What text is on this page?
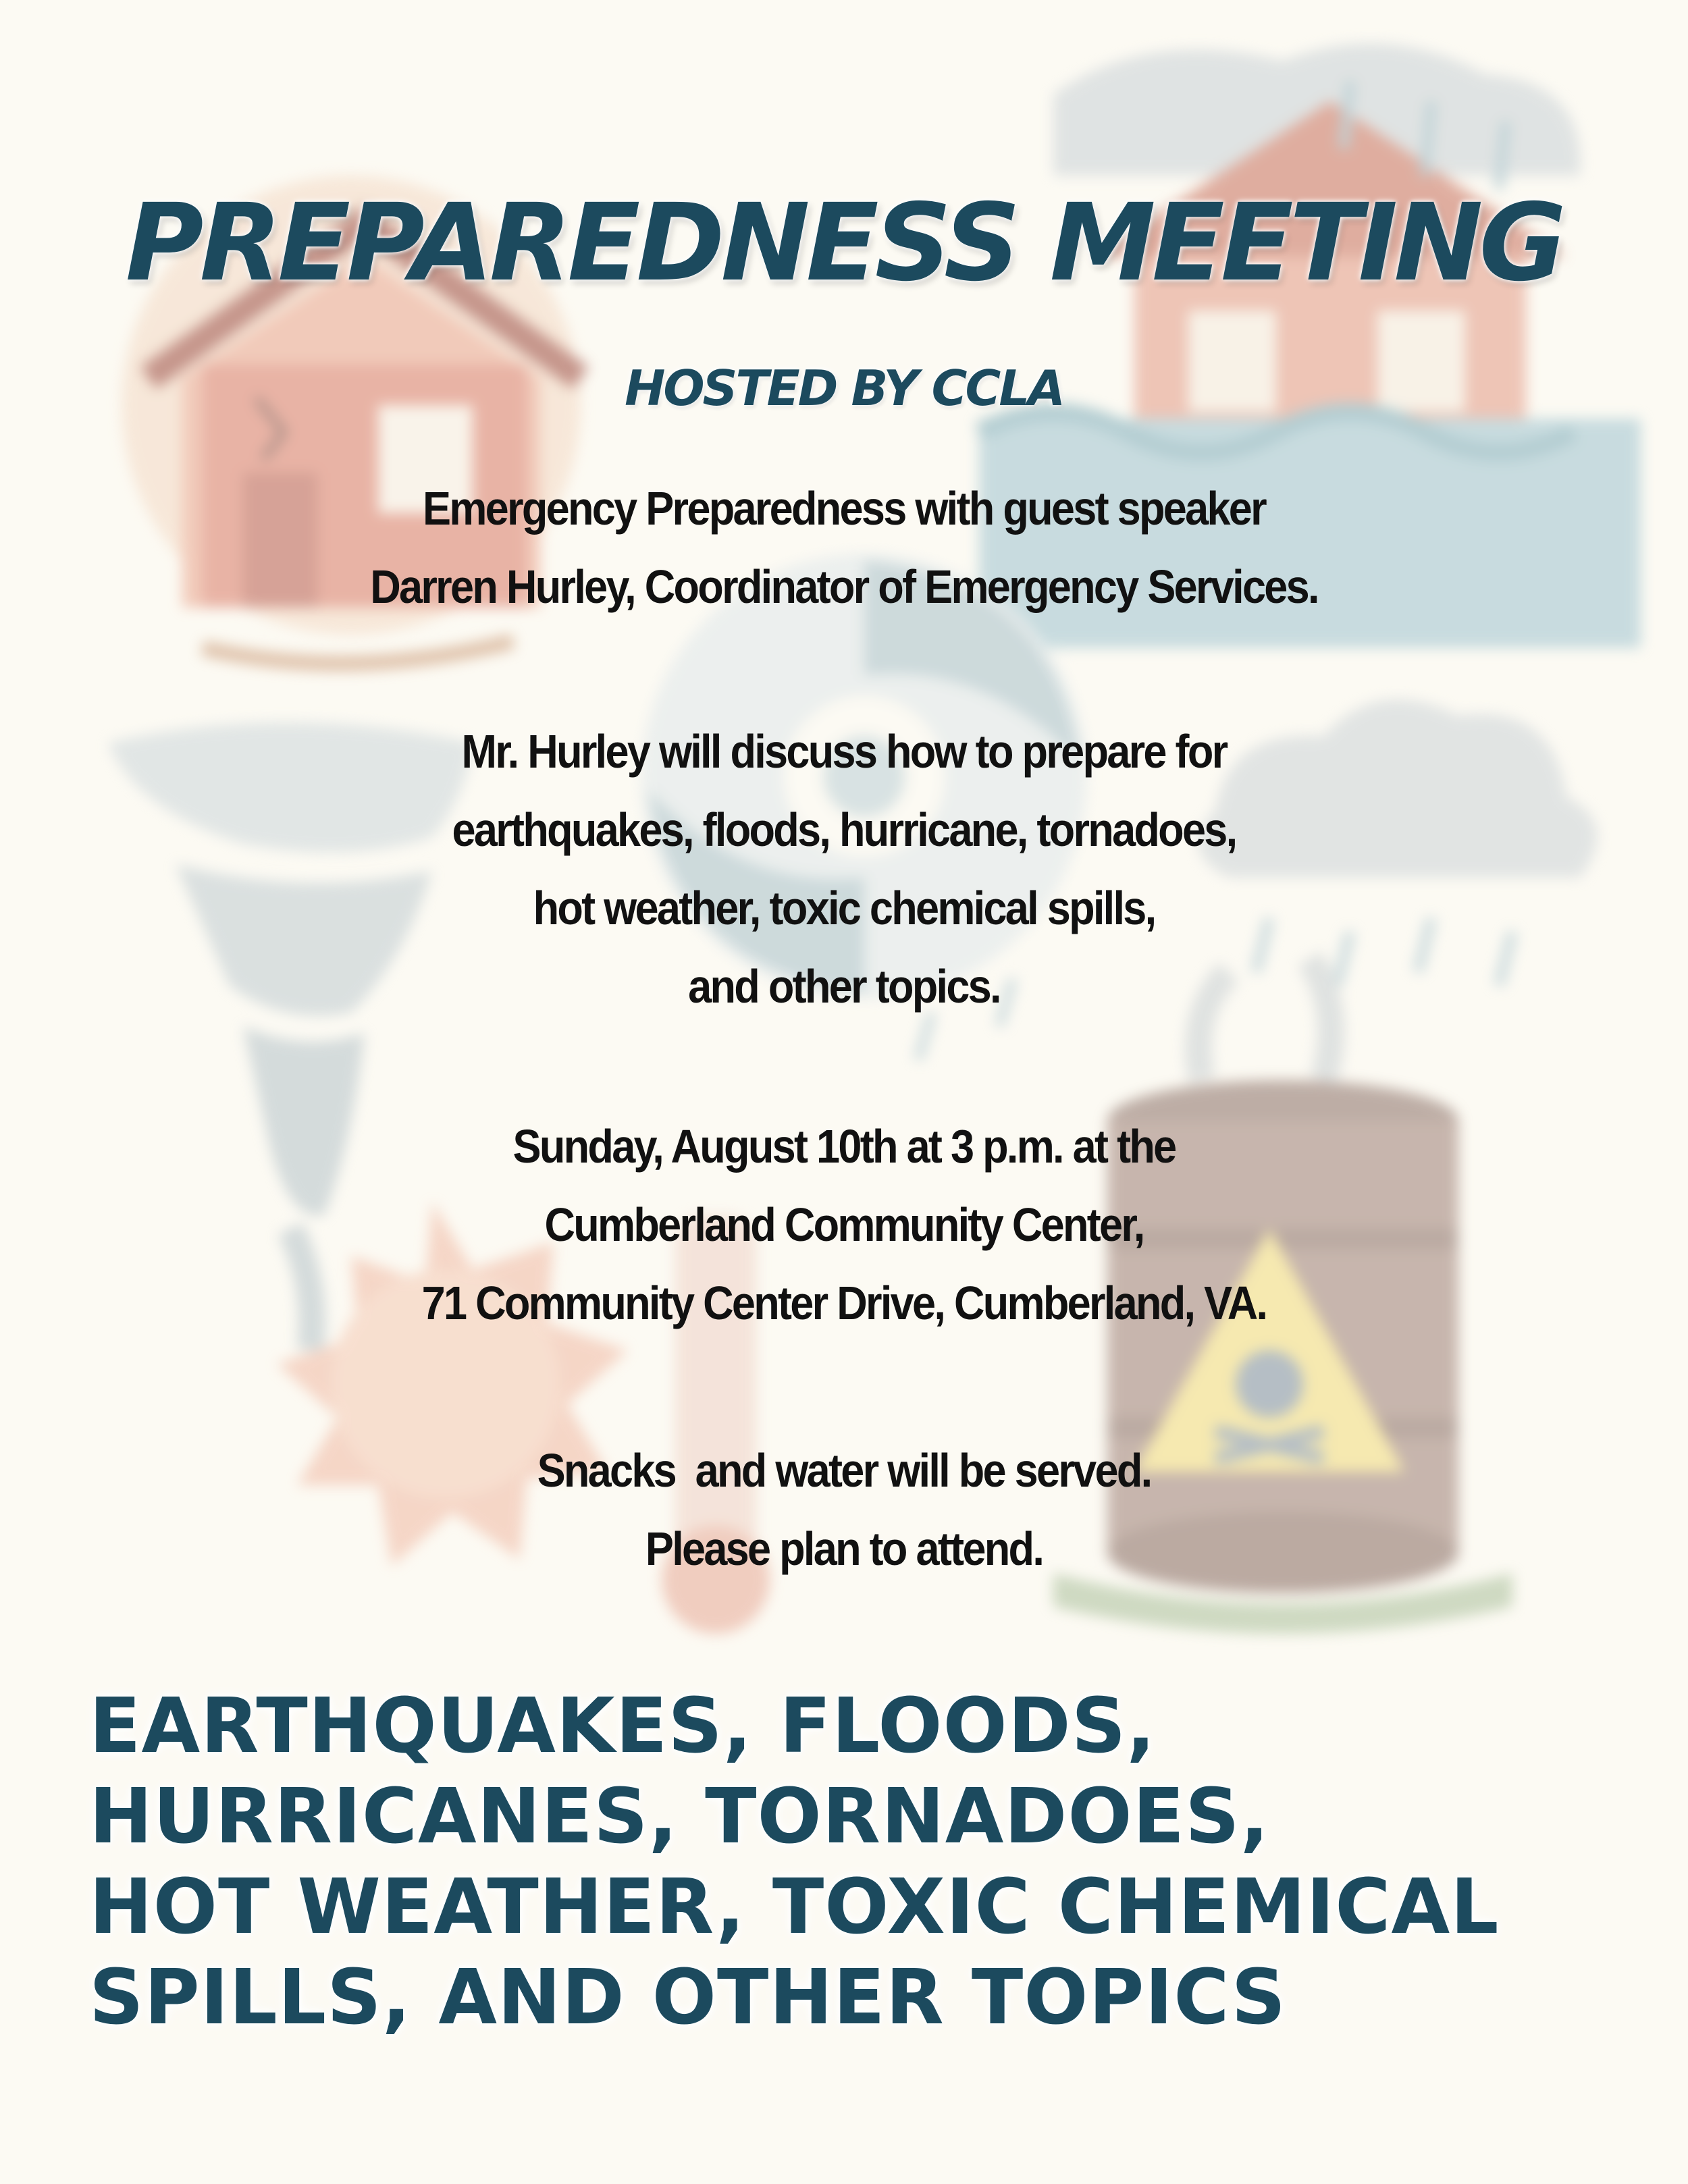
PREPAREDNESS MEETING
HOSTED BY CCLA
Emergency Preparedness with guest speaker
Darren Hurley, Coordinator of Emergency Services.
Mr. Hurley will discuss how to prepare for
earthquakes, floods, hurricane, tornadoes,
hot weather, toxic chemical spills,
and other topics.
Sunday, August 10th at 3 p.m. at the
Cumberland Community Center,
71 Community Center Drive, Cumberland, VA.
Snacks  and water will be served.
Please plan to attend.
EARTHQUAKES, FLOODS,
HURRICANES, TORNADOES,
HOT WEATHER, TOXIC CHEMICAL
SPILLS, AND OTHER TOPICS
